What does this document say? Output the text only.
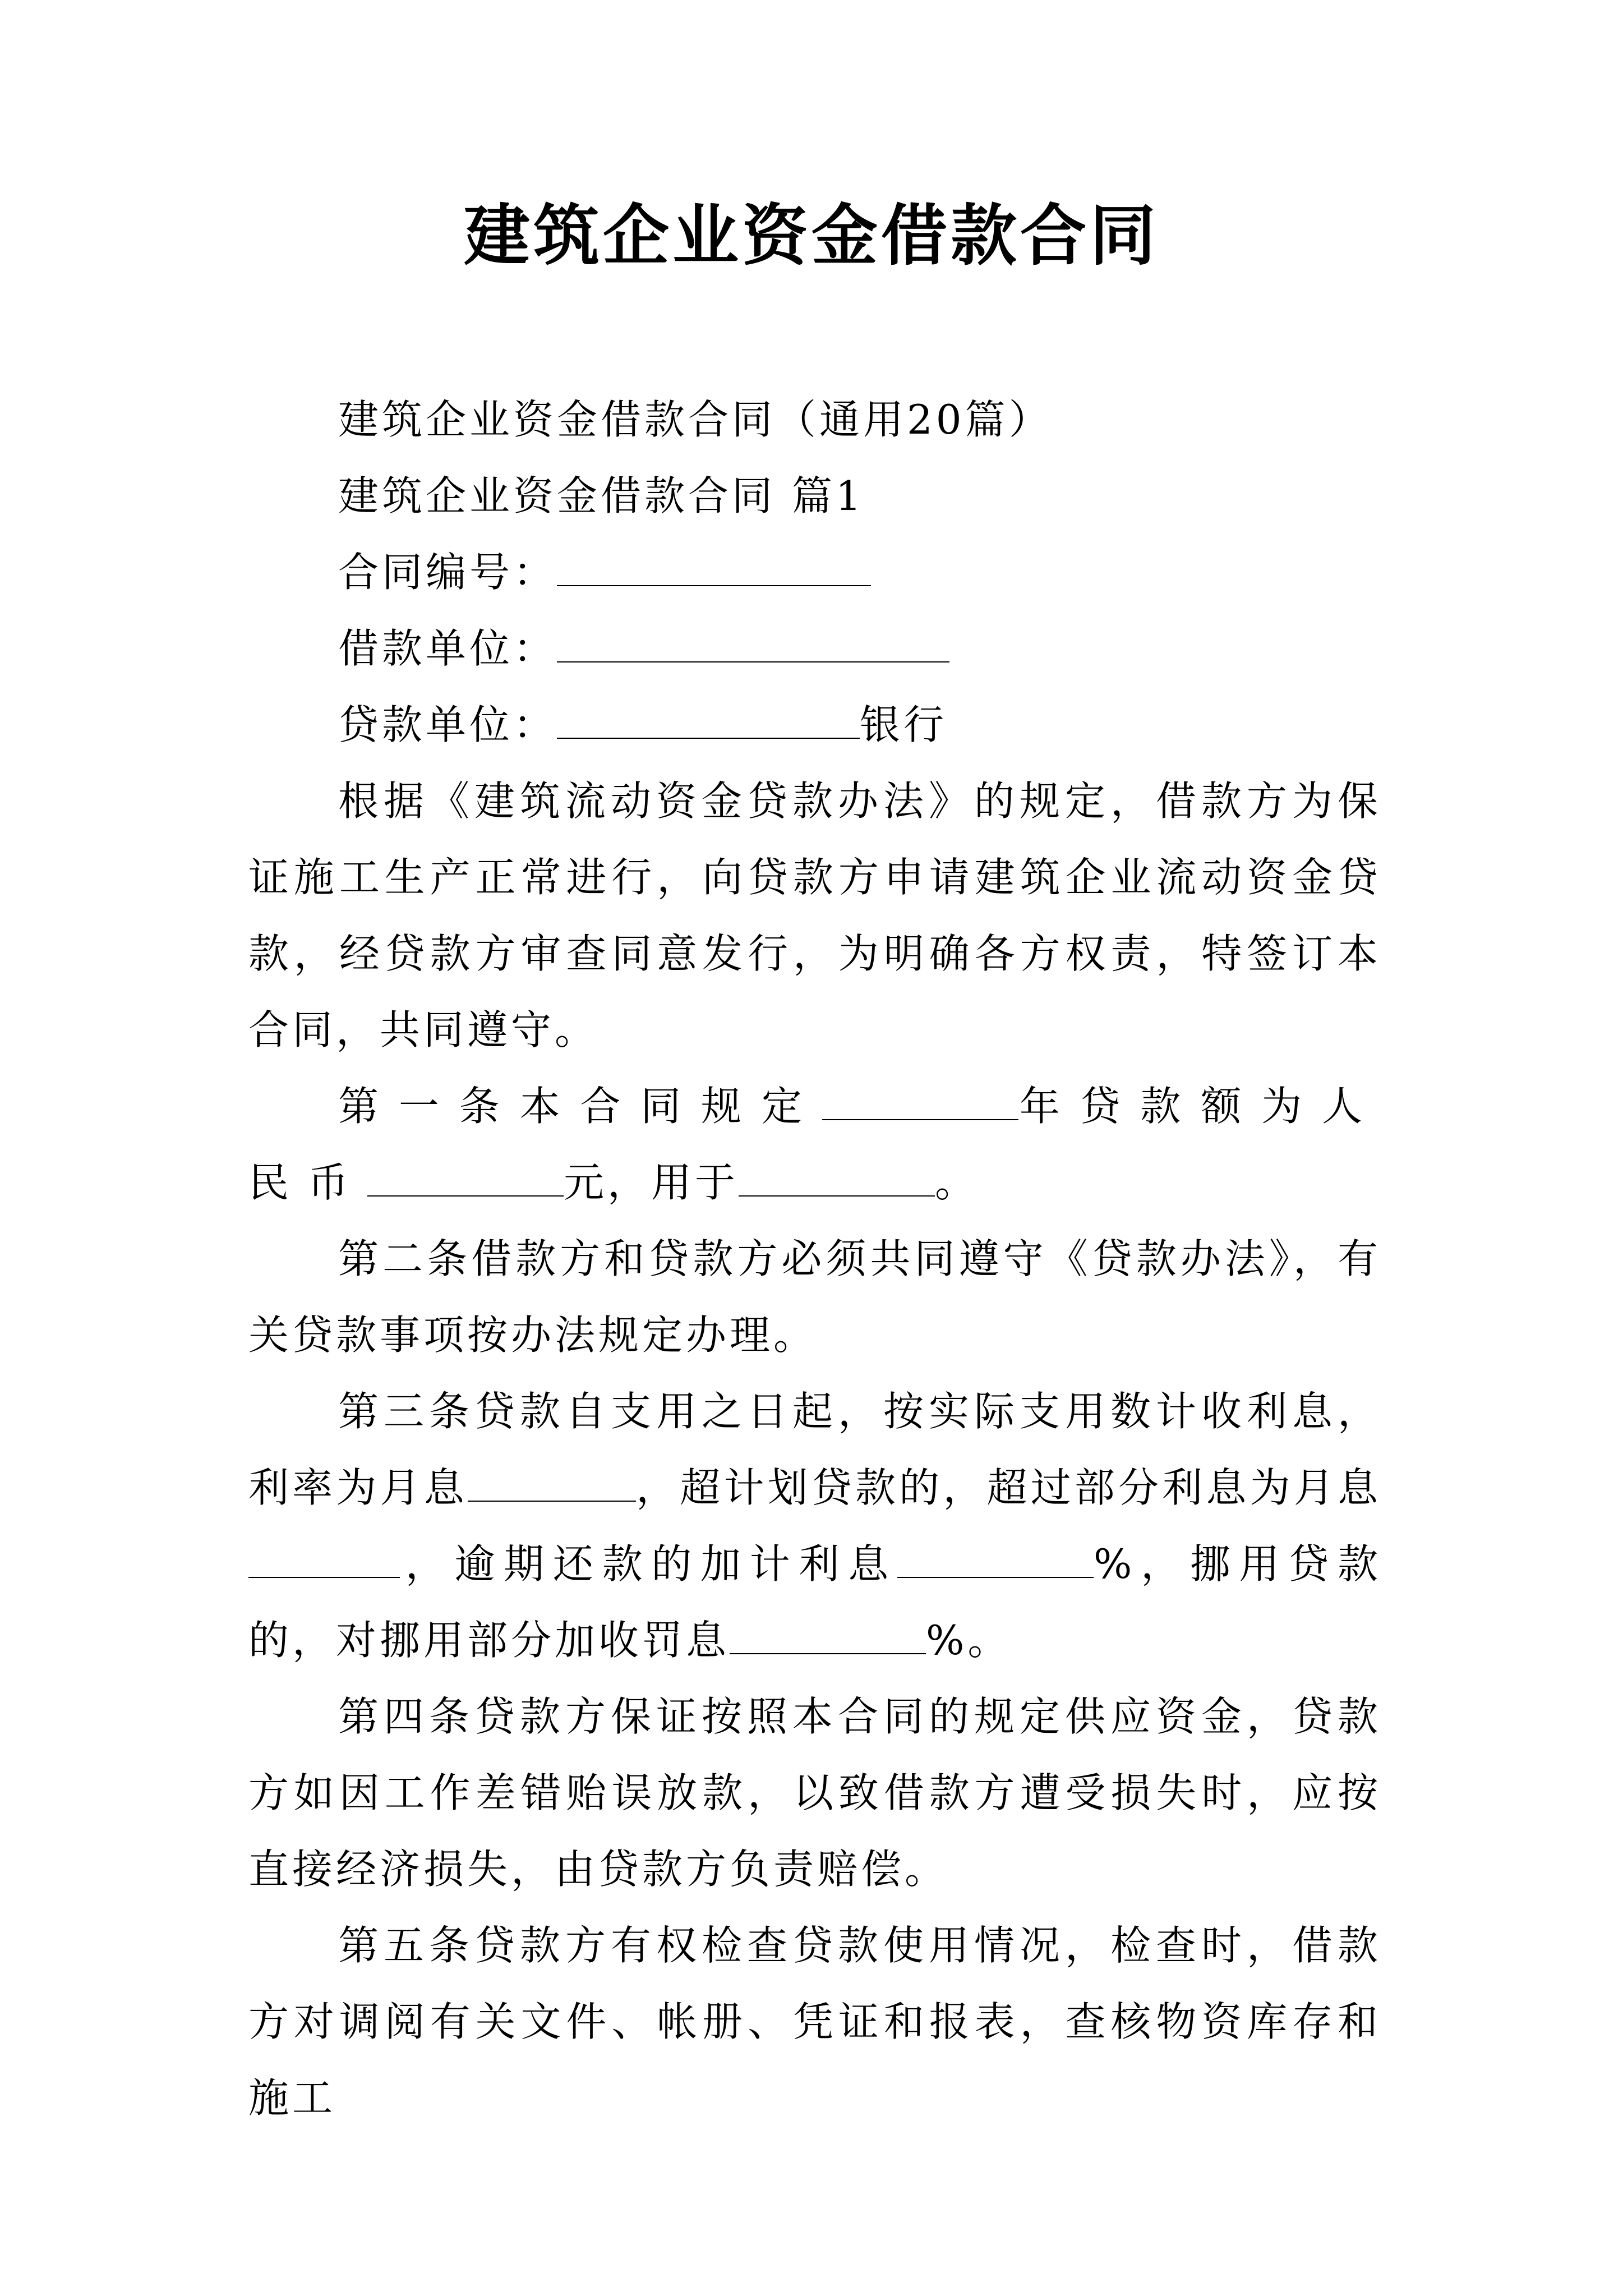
建筑企业资金借款合同

建筑企业资金借款合同（通用20篇）

建筑企业资金借款合同 篇1

合同编号：

借款单位：

贷款单位：	银行

根据《建筑流动资金贷款办法》的规定，借款方为保证施工生产正常进行，向贷款方申请建筑企业流动资金贷款，经贷款方审查同意发行，为明确各方权责，特签订本合同，共同遵守。

第一条本合同规定	年贷款额为人民币	元，用于	。

第二条借款方和贷款方必须共同遵守《贷款办法》，有关贷款事项按办法规定办理。

第三条贷款自支用之日起，按实际支用数计收利息，利率为月息	，超计划贷款的，超过部分利息为月息，逾期还款的加计利息	%，挪用贷款的，对挪用部分加收罚息	%。

第四条贷款方保证按照本合同的规定供应资金，贷款方如因工作差错贻误放款，以致借款方遭受损失时，应按直接经济损失，由贷款方负责赔偿。

第五条贷款方有权检查贷款使用情况，检查时，借款方对调阅有关文件、帐册、凭证和报表，查核物资库存和施工
